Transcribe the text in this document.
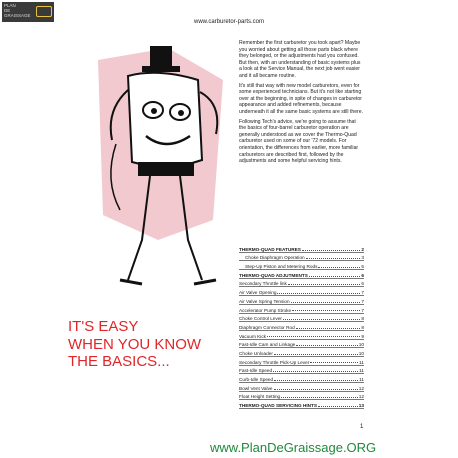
PLAN
DE
GRAISSAGE
www.carburetor-parts.com
IT'S EASY
WHEN YOU KNOW
THE BASICS...

Remember the first carburetor you took apart? Maybe you worried about getting all those parts black where they belonged, or the adjustments had you confused. But then, with an understanding of basic systems plus a look at the Service Manual, the next job went easier and it all became routine.

It's still that way with new model carburetors, even for some experienced technicians. But it's not like starting over at the beginning, in spite of changes in carburetor appearance and added refinements, because underneath it all the same basic systems are still there.

Following Tech's advice, we're going to assume that the basics of four-barrel carburetor operation are generally understood as we cover the Thermo-Quad carburetor used on some of our '72 models. For orientation, the differences from earlier, more familiar carburetors are described first, followed by the adjustments and some helpful servicing hints.

THERMO-QUAD FEATURES	2
Choke Diaphragm Operation	3
Step-Up Piston and Metering Rods	5
THERMO-QUAD ADJUTMENTS	6
Secondary Throttle link	6
Air Valve Opening	7
Air Valve Spring Tension	7
Accelerator Pump Stroke	7
Choke Control Lever	8
Diaphragm Connector Rod	8
Vacuum Kick	9
Fast-Idle Cam and Linkage	10
Choke Unloader	10
Secondary Throttle Pick-Up Lever	11
Fast-Idle Speed	11
Curb-Idle Speed	11
Bowl Vent Valve	12
Float Height Setting	12
THERMO-QUAD SERVICING HINTS	13
1
www.PlanDeGraissage.ORG
